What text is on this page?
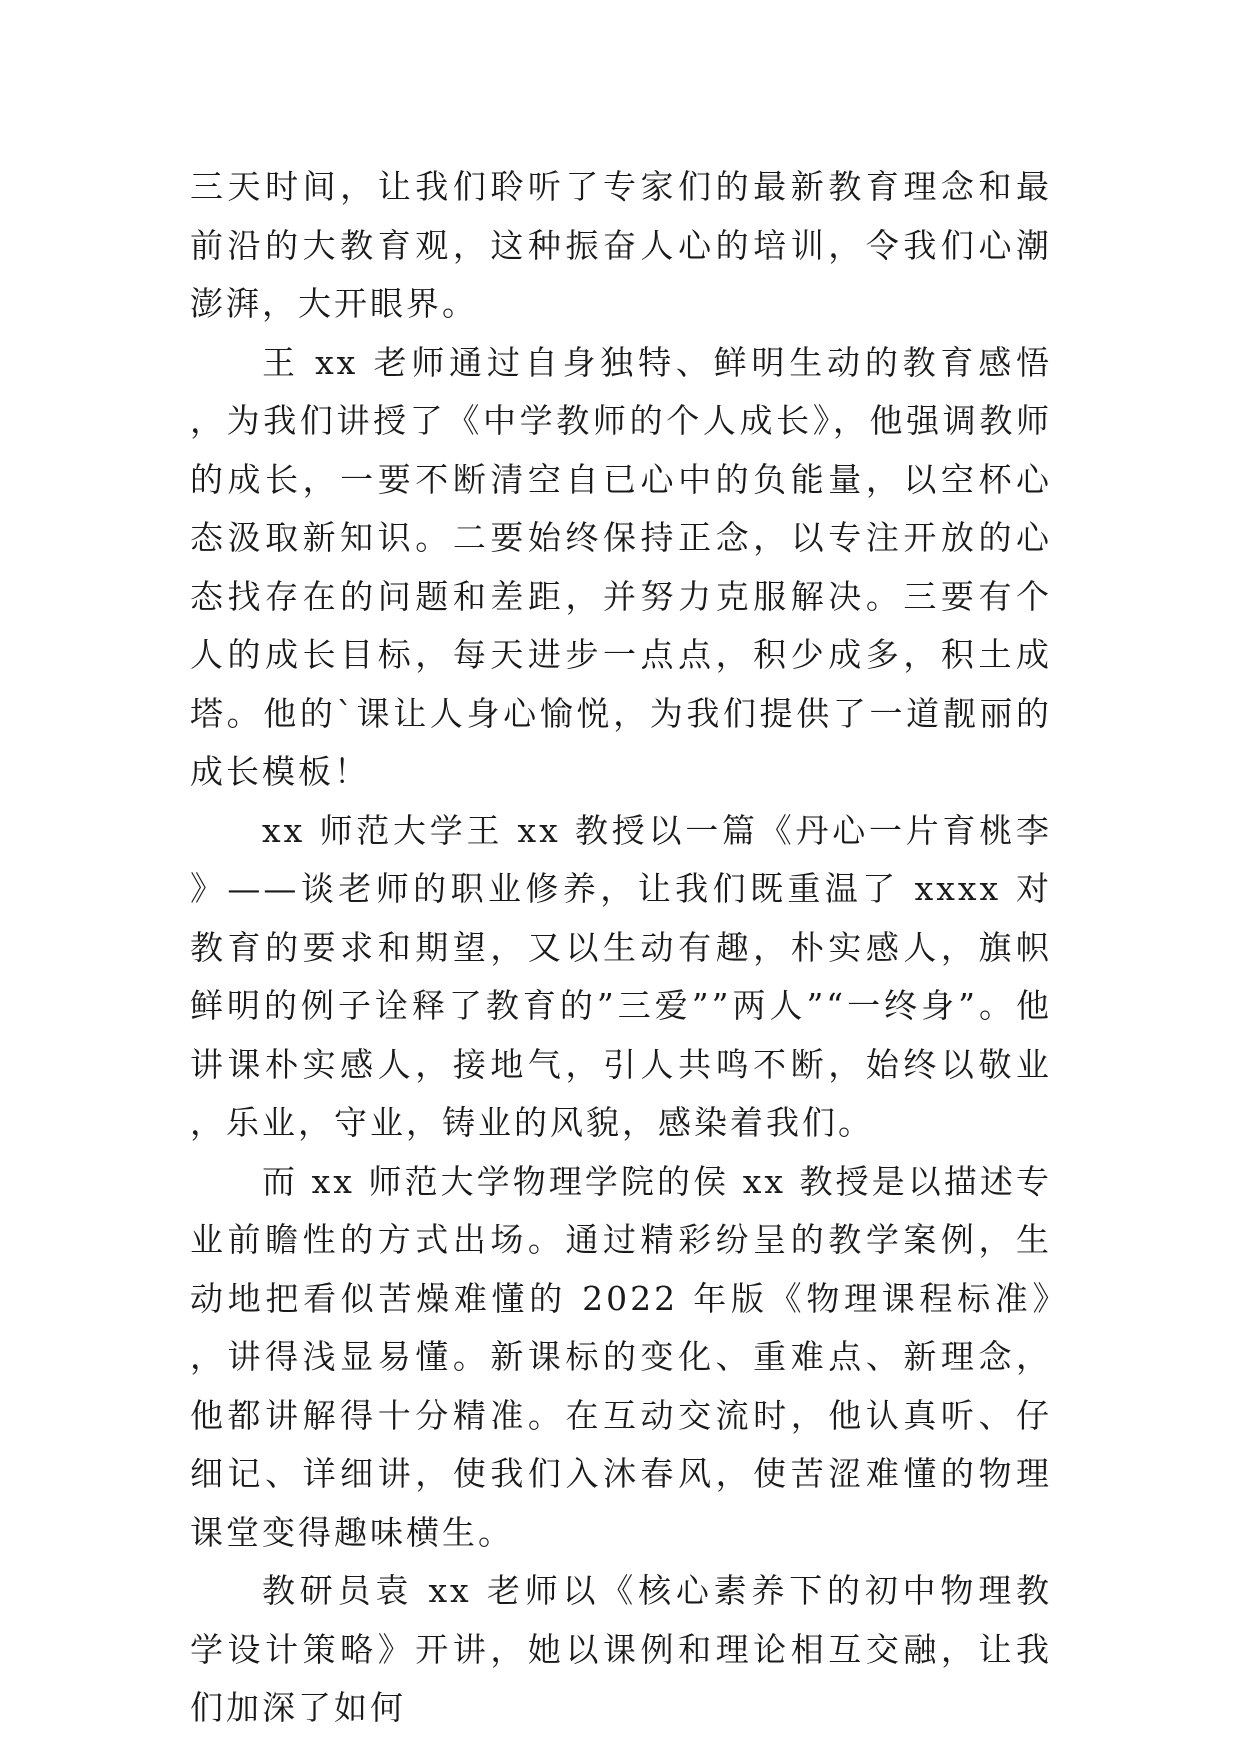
三天时间，让我们聆听了专家们的最新教育理念和最前沿的大教育观，这种振奋人心的培训，令我们心潮澎湃，大开眼界。

王 xx 老师通过自身独特、鲜明生动的教育感悟，为我们讲授了《中学教师的个人成长》，他强调教师的成长，一要不断清空自已心中的负能量，以空杯心态汲取新知识。二要始终保持正念，以专注开放的心态找存在的问题和差距，并努力克服解决。三要有个人的成长目标，每天进步一点点，积少成多，积土成塔。他的`课让人身心愉悦，为我们提供了一道靓丽的成长模板！

xx 师范大学王 xx 教授以一篇《丹心一片育桃李》——谈老师的职业修养，让我们既重温了 xxxx 对教育的要求和期望，又以生动有趣，朴实感人，旗帜鲜明的例子诠释了教育的”三爱””两人”“一终身”。他讲课朴实感人，接地气，引人共鸣不断，始终以敬业，乐业，守业，铸业的风貌，感染着我们。

而 xx 师范大学物理学院的侯 xx 教授是以描述专业前瞻性的方式出场。通过精彩纷呈的教学案例，生动地把看似苦燥难懂的 2022 年版《物理课程标准》，讲得浅显易懂。新课标的变化、重难点、新理念，他都讲解得十分精准。在互动交流时，他认真听、仔细记、详细讲，使我们入沐春风，使苦涩难懂的物理课堂变得趣味横生。

教研员袁 xx 老师以《核心素养下的初中物理教学设计策略》开讲，她以课例和理论相互交融，让我们加深了如何
